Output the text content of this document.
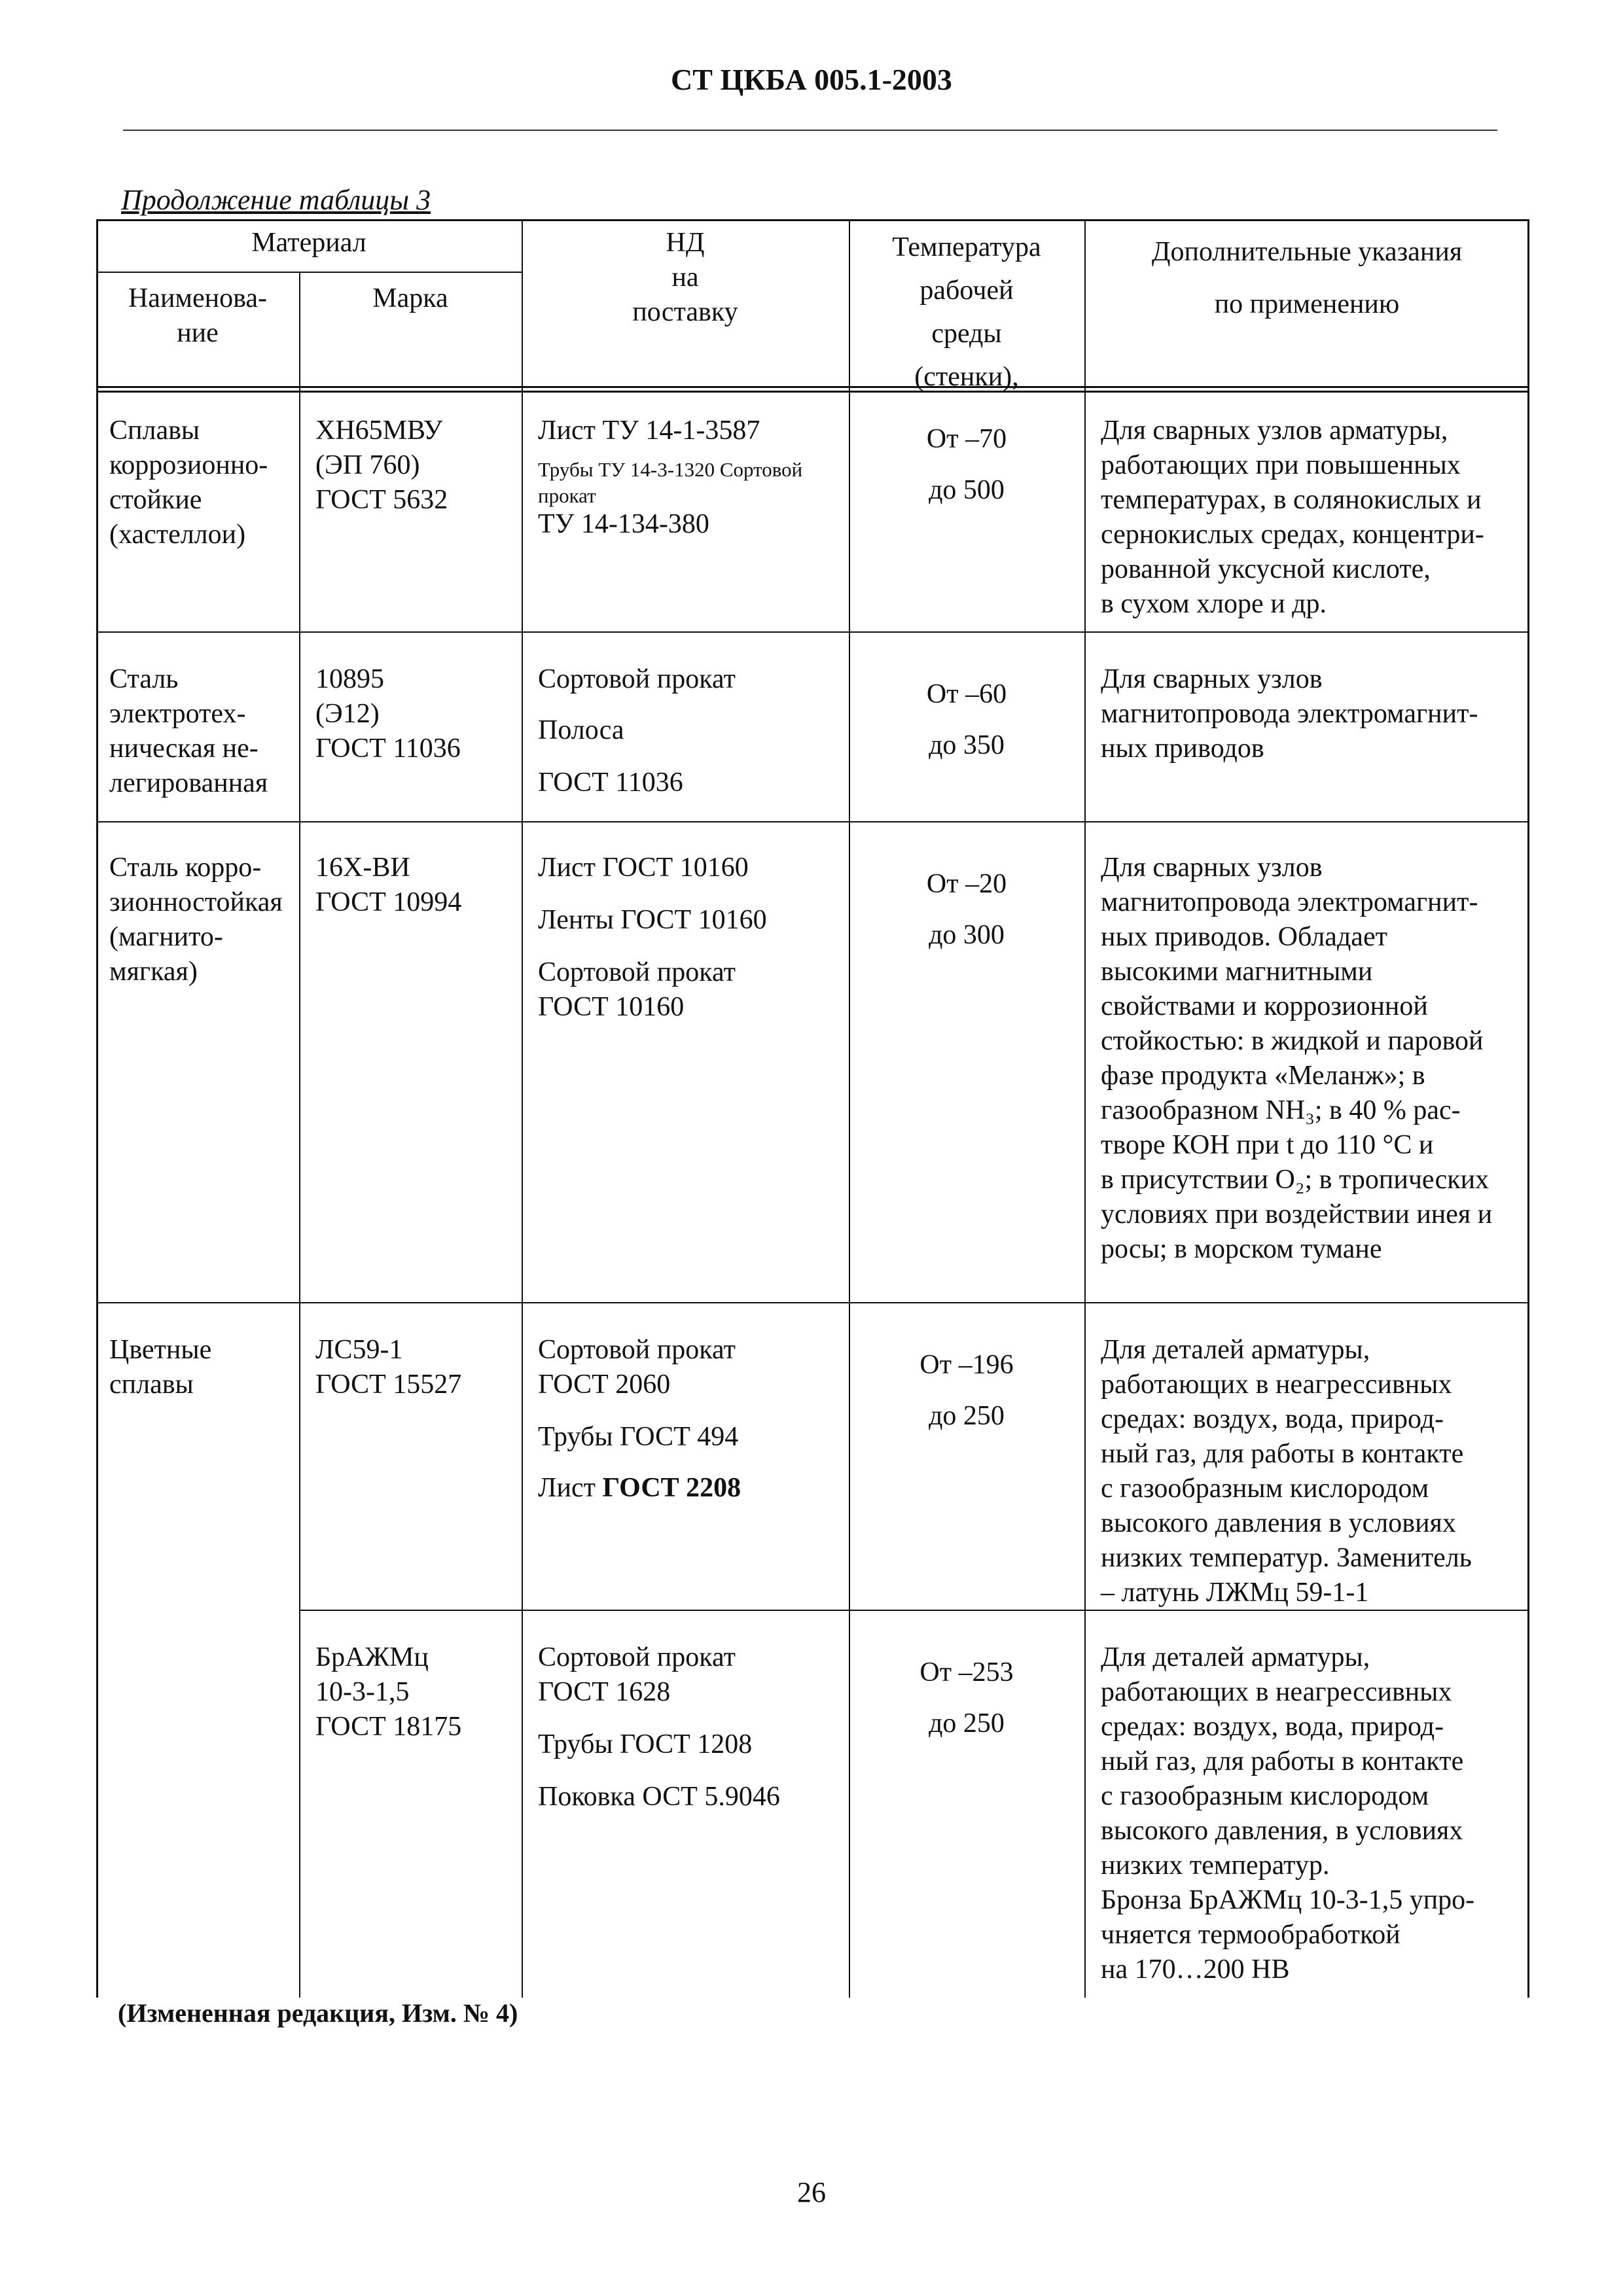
СТ ЦКБА 005.1-2003
Продолжение таблицы 3
Материал
Наименова-
ние
Марка
НД
на
поставку
Температура
рабочей
среды
(стенки),
Дополнительные указания
по применению
Сплавы
коррозионно-
стойкие
(хастеллои)
ХН65МВУ
(ЭП 760)
ГОСТ 5632
Лист ТУ 14-1-3587
Трубы ТУ 14-3-1320 Сортовой
прокат
ТУ 14-134-380
От –70
до 500
Для сварных узлов арматуры,
работающих при повышенных
температурах, в солянокислых и
сернокислых средах, концентри-
рованной уксусной кислоте,
в сухом хлоре и др.
Сталь
электротех-
ническая не-
легированная
10895
(Э12)
ГОСТ 11036
Сортовой прокат
Полоса
ГОСТ 11036
От –60
до 350
Для сварных узлов
магнитопровода электромагнит-
ных приводов
Сталь корро-
зионностойкая
(магнито-
мягкая)
16Х-ВИ
ГОСТ 10994
Лист ГОСТ 10160
Ленты ГОСТ 10160
Сортовой прокат
ГОСТ 10160
От –20
до 300
Для сварных узлов
магнитопровода электромагнит-
ных приводов. Обладает
высокими магнитными
свойствами и коррозионной
стойкостью: в жидкой и паровой
фазе продукта «Меланж»; в
газообразном NH₃; в 40 % рас-
творе КОН при t до 110 °С и
в присутствии О₂; в тропических
условиях при воздействии инея и
росы; в морском тумане
Цветные
сплавы
ЛС59-1
ГОСТ 15527
Сортовой прокат
ГОСТ 2060
Трубы ГОСТ 494
Лист ГОСТ 2208
От –196
до 250
Для деталей арматуры,
работающих в неагрессивных
средах: воздух, вода, природ-
ный газ, для работы в контакте
с газообразным кислородом
высокого давления в условиях
низких температур. Заменитель
– латунь ЛЖМц 59-1-1
БрАЖМц
10-3-1,5
ГОСТ 18175
Сортовой прокат
ГОСТ 1628
Трубы ГОСТ 1208
Поковка ОСТ 5.9046
От –253
до 250
Для деталей арматуры,
работающих в неагрессивных
средах: воздух, вода, природ-
ный газ, для работы в контакте
с газообразным кислородом
высокого давления, в условиях
низких температур.
Бронза БрАЖМц 10-3-1,5 упро-
чняется термообработкой
на 170…200 НВ
(Измененная редакция, Изм. № 4)
26
